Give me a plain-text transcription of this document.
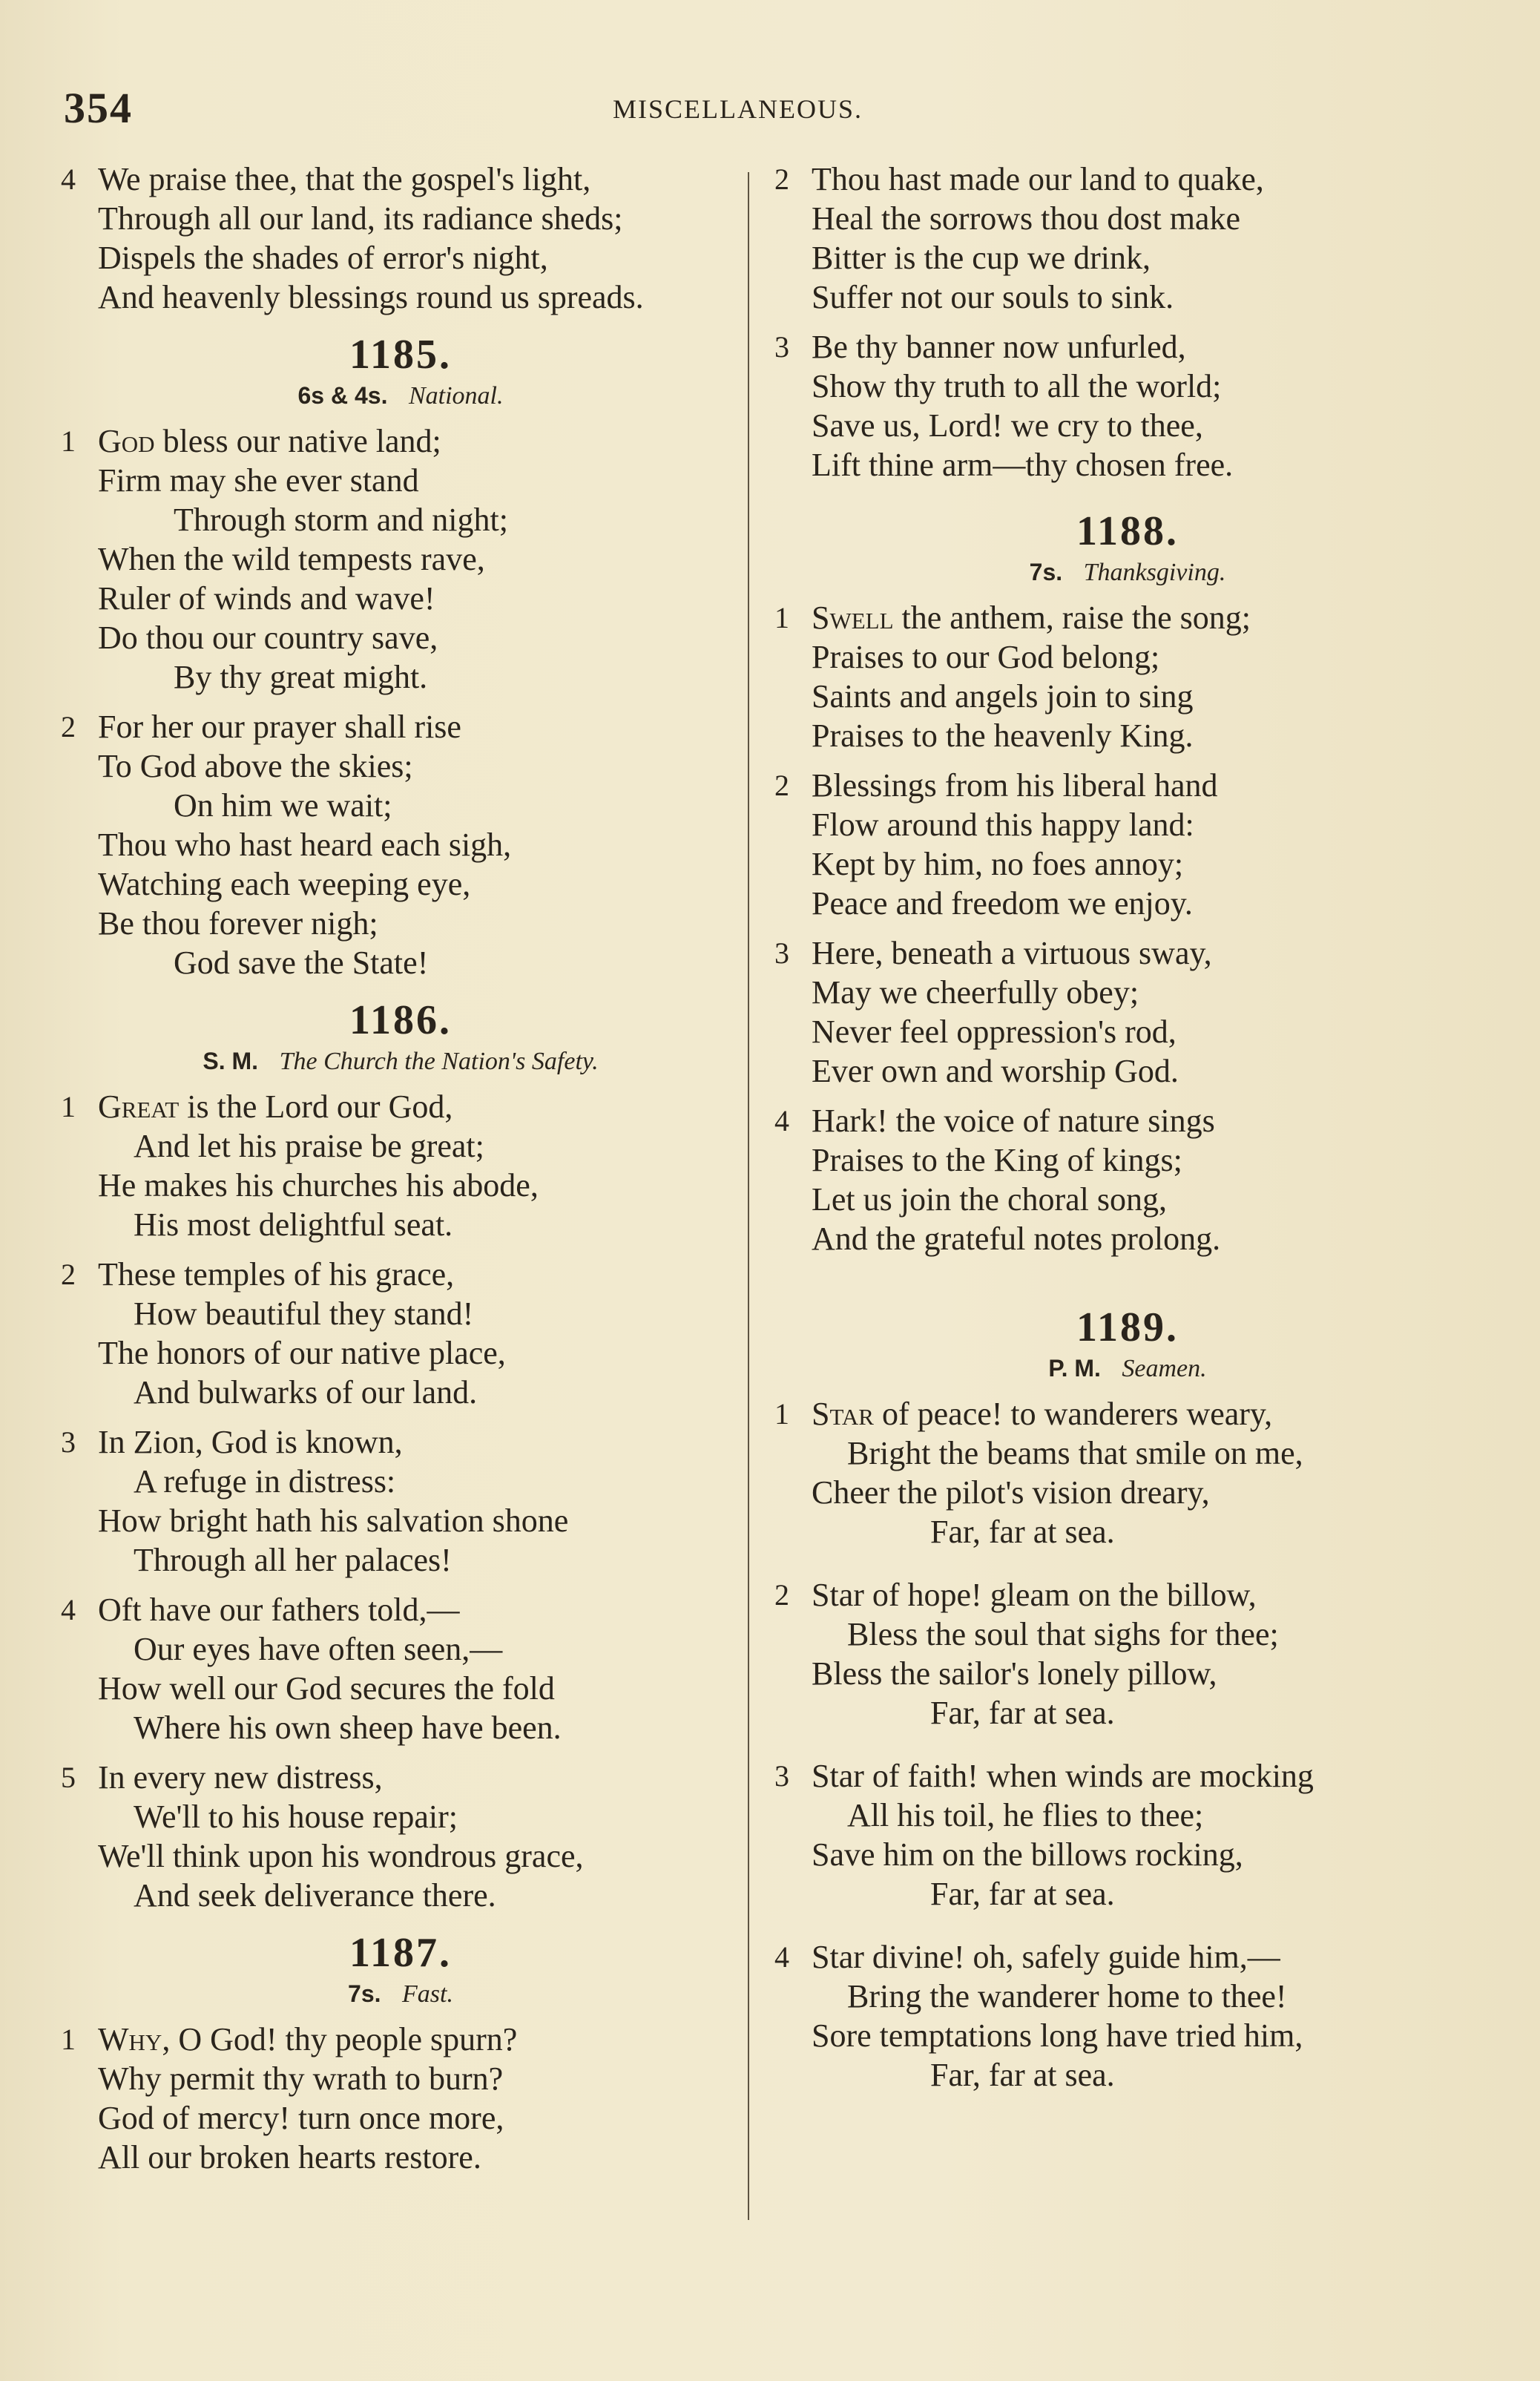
354	MISCELLANEOUS.
4 We praise thee, that the gospel's light,
Through all our land, its radiance sheds;
Dispels the shades of error's night,
And heavenly blessings round us spreads.
1185.
6s & 4s. National.
1 God bless our native land;
Firm may she ever stand
Through storm and night;
When the wild tempests rave,
Ruler of winds and wave!
Do thou our country save,
By thy great might.
2 For her our prayer shall rise
To God above the skies;
On him we wait;
Thou who hast heard each sigh,
Watching each weeping eye,
Be thou forever nigh;
God save the State!
1186.
S. M. The Church the Nation's Safety.
1 Great is the Lord our God,
And let his praise be great;
He makes his churches his abode,
His most delightful seat.
2 These temples of his grace,
How beautiful they stand!
The honors of our native place,
And bulwarks of our land.
3 In Zion, God is known,
A refuge in distress:
How bright hath his salvation shone
Through all her palaces!
4 Oft have our fathers told,—
Our eyes have often seen,—
How well our God secures the fold
Where his own sheep have been.
5 In every new distress,
We'll to his house repair;
We'll think upon his wondrous grace,
And seek deliverance there.
1187.
7s. Fast.
1 Why, O God! thy people spurn?
Why permit thy wrath to burn?
God of mercy! turn once more,
All our broken hearts restore.
2 Thou hast made our land to quake,
Heal the sorrows thou dost make
Bitter is the cup we drink,
Suffer not our souls to sink.
3 Be thy banner now unfurled,
Show thy truth to all the world;
Save us, Lord! we cry to thee,
Lift thine arm—thy chosen free.
1188.
7s. Thanksgiving.
1 Swell the anthem, raise the song;
Praises to our God belong;
Saints and angels join to sing
Praises to the heavenly King.
2 Blessings from his liberal hand
Flow around this happy land:
Kept by him, no foes annoy;
Peace and freedom we enjoy.
3 Here, beneath a virtuous sway,
May we cheerfully obey;
Never feel oppression's rod,
Ever own and worship God.
4 Hark! the voice of nature sings
Praises to the King of kings;
Let us join the choral song,
And the grateful notes prolong.
1189.
P. M. Seamen.
1 Star of peace! to wanderers weary,
Bright the beams that smile on me,
Cheer the pilot's vision dreary,
Far, far at sea.
2 Star of hope! gleam on the billow,
Bless the soul that sighs for thee;
Bless the sailor's lonely pillow,
Far, far at sea.
3 Star of faith! when winds are mocking
All his toil, he flies to thee;
Save him on the billows rocking,
Far, far at sea.
4 Star divine! oh, safely guide him,—
Bring the wanderer home to thee!
Sore temptations long have tried him,
Far, far at sea.
